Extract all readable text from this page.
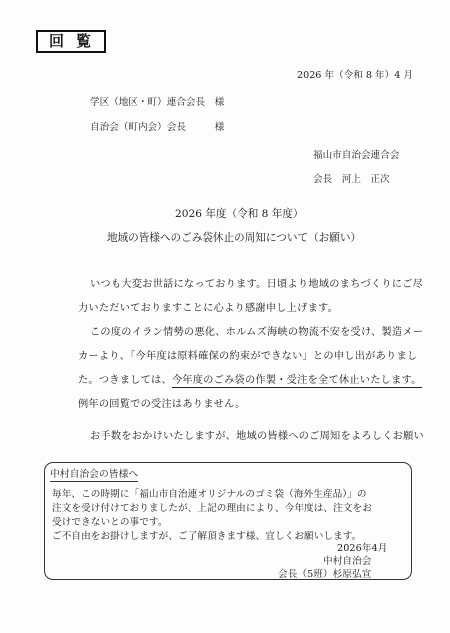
回覧
2026 年（令和 8 年）4 月
学区（地区・町）連合会長　様
自治会（町内会）会長　　　様
福山市自治会連合会
会長　河上　正次
2026 年度（令和 8 年度）
地域の皆様へのごみ袋休止の周知について（お願い）
いつも大変お世話になっております。日頃より地域のまちづくりにご尽
力いただいておりますことに心より感謝申し上げます。
この度のイラン情勢の悪化、ホルムズ海峡の物流不安を受け、製造メー
カーより、「今年度は原料確保の約束ができない」との申し出がありまし
た。つきましては、今年度のごみ袋の作製・受注を全て休止いたします。
例年の回覧での受注はありません。
お手数をおかけいたしますが、地域の皆様へのご周知をよろしくお願い
中村自治会の皆様へ
毎年、この時期に「福山市自治連オリジナルのゴミ袋（海外生産品）」の
注文を受け付けておりましたが、上記の理由により、今年度は、注文をお
受けできないとの事です。
ご不自由をお掛けしますが、ご了解頂きます様、宜しくお願いします。
2026年4月
中村自治会
会長（5班）杉原弘宣
